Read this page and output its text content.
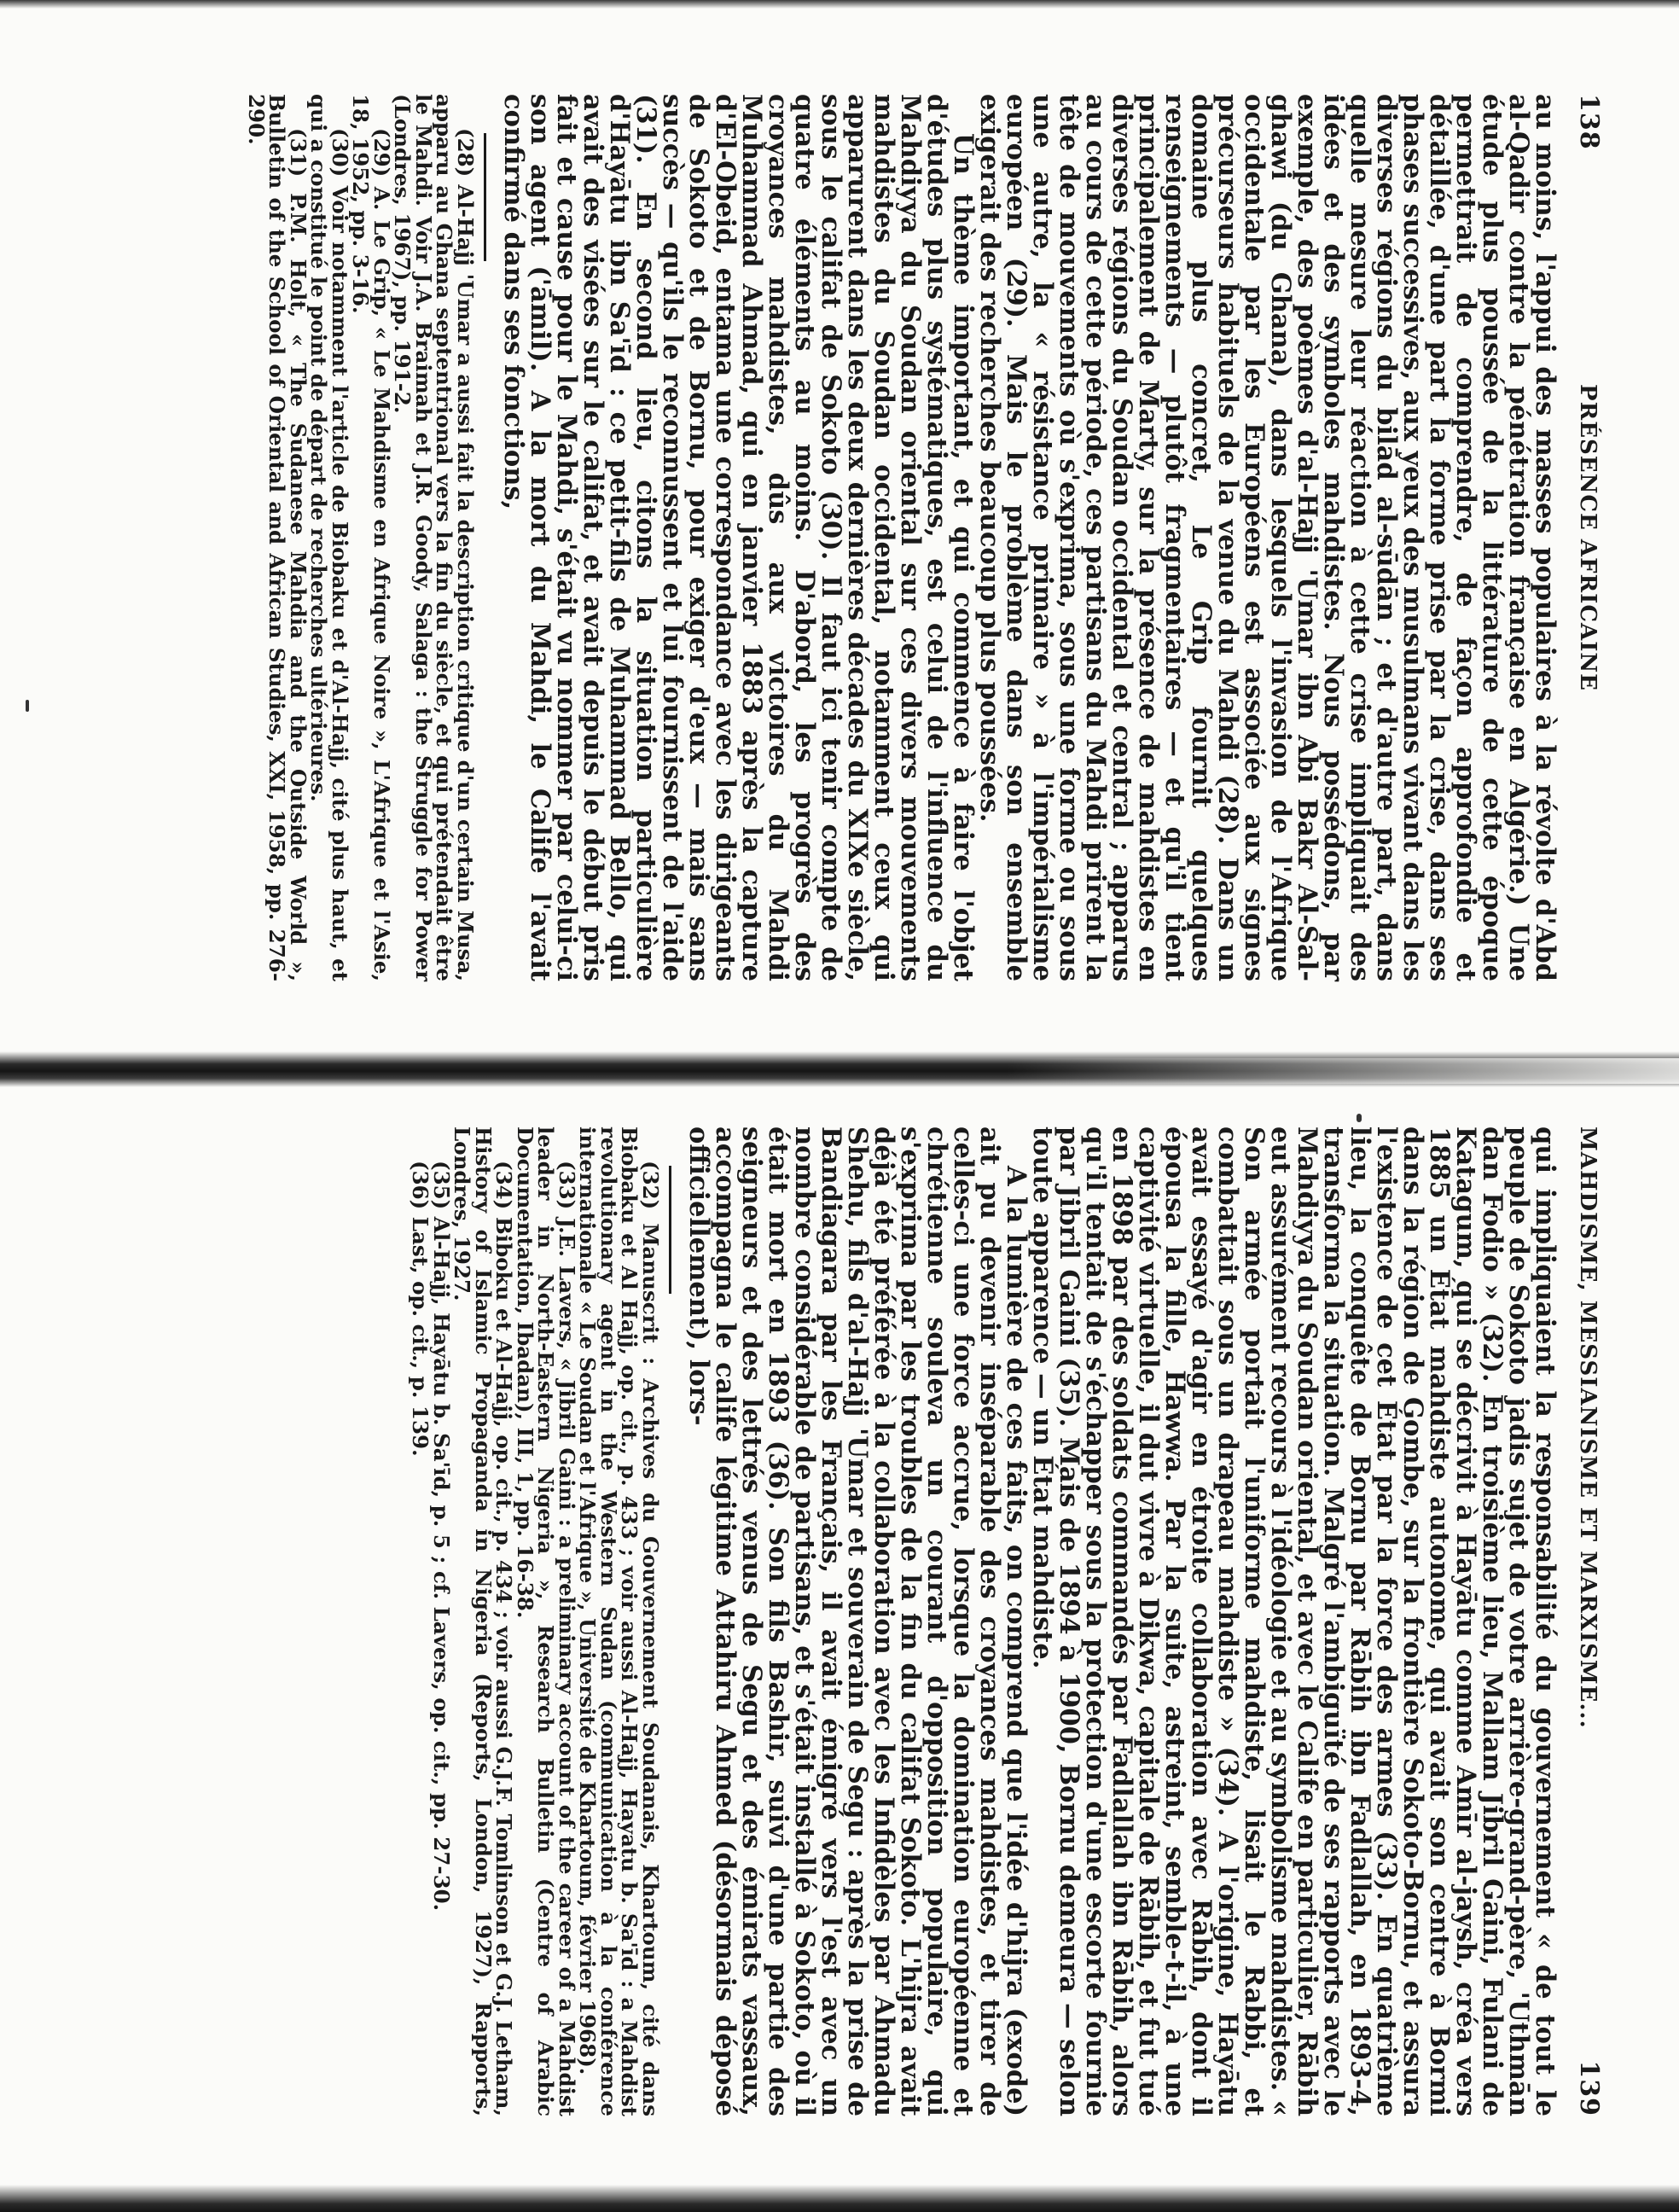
138
PRÉSENCE AFRICAINE

au moins, l'appui des masses populaires à la révolte d'Abd al-Qadir contre la pénétration française en Algérie.) Une étude plus poussée de la littérature de cette époque permettrait de comprendre, de façon approfondie et détaillée, d'une part la forme prise par la crise, dans ses phases successives, aux yeux des musulmans vivant dans les diverses régions du bilād al-sūdān ; et d'autre part, dans quelle mesure leur réaction à cette crise impliquait des idées et des symboles mahdistes. Nous possédons, par exemple, des poèmes d'al-Hajj 'Umar ibn Abi Bakr Al-Sal- ghawi (du Ghana), dans lesquels l'invasion de l'Afrique occidentale par les Européens est associée aux signes précurseurs habituels de la venue du Mahdi (28). Dans un domaine plus concret, Le Grip fournit quelques renseignements — plutôt fragmentaires — et qu'il tient principalement de Marty, sur la présence de mahdistes en diverses régions du Soudan occidental et central ; apparus au cours de cette période, ces partisans du Mahdi prirent la tête de mouvements où s'exprima, sous une forme ou sous une autre, la « résistance primaire » à l'impérialisme européen (29). Mais le problème dans son ensemble exigerait des recherches beaucoup plus poussées.

Un thème important, et qui commence à faire l'objet d'études plus systématiques, est celui de l'influence du Mahdiyya du Soudan oriental sur ces divers mouvements mahdistes du Soudan occidental, notamment ceux qui apparurent dans les deux dernières décades du XIXe siècle, sous le califat de Sokoto (30). Il faut ici tenir compte de quatre éléments au moins. D'abord, les progrès des croyances mahdistes, dûs aux victoires du Mahdi Muhammad Ahmad, qui en janvier 1883 après la capture d'El-Obeid, entama une correspondance avec les dirigeants de Sokoto et de Bornu, pour exiger d'eux — mais sans succès — qu'ils le reconnussent et lui fournissent de l'aide (31). En second lieu, citons la situation particulière d'Hayātu ibn Sa'īd : ce petit-fils de Muhammad Bello, qui avait des visées sur le califat, et avait depuis le début pris fait et cause pour le Mahdi, s'était vu nommer par celui-ci son agent ('āmil). A la mort du Mahdi, le Calife l'avait confirmé dans ses fonctions,

(28) Al-Hajj 'Umar a aussi fait la description critique d'un certain Musa, apparu au Ghana septentrional vers la fin du siècle, et qui prétendait être le Mahdi. Voir J.A. Braimah et J.R. Goody, Salaga : the Struggle for Power (Londres, 1967), pp. 191-2.

(29) A. Le Grip, « Le Mahdisme en Afrique Noire », L'Afrique et l'Asie, 18, 1952, pp. 3-16.

(30) Voir notamment l'article de Biobaku et d'Al-Hajj, cité plus haut, et qui a constitué le point de départ de recherches ultérieures.

(31) P.M. Holt, « The Sudanese Mahdia and the Outside World », Bulletin of the School of Oriental and African Studies, XXI, 1958, pp. 276-290.

MAHDISME, MESSIANISME ET MARXISME...
139

qui impliquaient la responsabilité du gouvernement « de tout le peuple de Sokoto jadis sujet de votre arrière-grand-père, 'Uthmān dan Fodio » (32). En troisième lieu, Mallam Jibril Gaini, Fulani de Katagum, qui se décrivit à Hayātu comme Amīr al-jaysh, créa vers 1885 un État mahdiste autonome, qui avait son centre à Bormi dans la région de Gombe, sur la frontière Sokoto-Bornu, et assura l'existence de cet État par la force des armes (33). En quatrième lieu, la conquête de Bornu par Rābih ibn Fadlallah, en 1893-4, transforma la situation. Malgré l'ambiguïté de ses rapports avec le Mahdiyya du Soudan oriental, et avec le Calife en particulier, Rābih eut assurément recours à l'idéologie et au symbolisme mahdistes. « Son armée portait l'uniforme mahdiste, lisait le Rabbi, et combattait sous un drapeau mahdiste » (34). A l'origine, Hayātu avait essayé d'agir en étroite collaboration avec Rābih, dont il épousa la fille, Hawwa. Par la suite, astreint, semble-t-il, à une captivité virtuelle, il dut vivre à Dikwa, capitale de Rābih, et fut tué en 1898 par des soldats commandés par Fadlallah ibn Rābih, alors qu'il tentait de s'échapper sous la protection d'une escorte fournie par Jibril Gaini (35). Mais de 1894 à 1900, Bornu demeura — selon toute apparence — un État mahdiste.

A la lumière de ces faits, on comprend que l'idée d'hijra (exode) ait pu devenir inséparable des croyances mahdistes, et tirer de celles-ci une force accrue, lorsque la domination européenne et chrétienne souleva un courant d'opposition populaire, qui s'exprima par les troubles de la fin du califat Sokoto. L'hijra avait déjà été préférée à la collaboration avec les Infidèles par Ahmadu Shehu, fils d'al-Hajj 'Umar et souverain de Segu : après la prise de Bandiagara par les Français, il avait émigré vers l'est avec un nombre considérable de partisans, et s'était installé à Sokoto, où il était mort en 1893 (36). Son fils Bashir, suivi d'une partie des seigneurs et des lettrés venus de Segu et des émirats vassaux, accompagna le calife légitime Attahiru Ahmed (désormais déposé officiellement), lors-

(32) Manuscrit : Archives du Gouvernement Soudanais, Khartoum, cité dans Biobaku et Al Hajj, op. cit., p. 433 ; voir aussi Al-Hajj, Hayatu b. Sa'īd : a Mahdist revolutionary agent in the Western Sudan (communication à la conférence internationale « Le Soudan et l'Afrique », Université de Khartoum, février 1968).

(33) J.E. Lavers, « Jibril Gaini : a preliminary account of the career of a Mahdist leader in North-Eastern Nigeria », Research Bulletin (Centre of Arabic Documentation, Ibadan), III, 1, pp. 16-38.

(34) Biboku et Al-Hajj, op. cit., p. 434 ; voir aussi G.J.F. Tomlinson et G.J. Letham, History of Islamic Propaganda in Nigeria (Reports, London, 1927), Rapports, Londres, 1927.

(35) Al-Hajj, Hayātu b. Sa'īd, p. 5 ; cf. Lavers, op. cit., pp. 27-30.

(36) Last, op. cit., p. 139.
